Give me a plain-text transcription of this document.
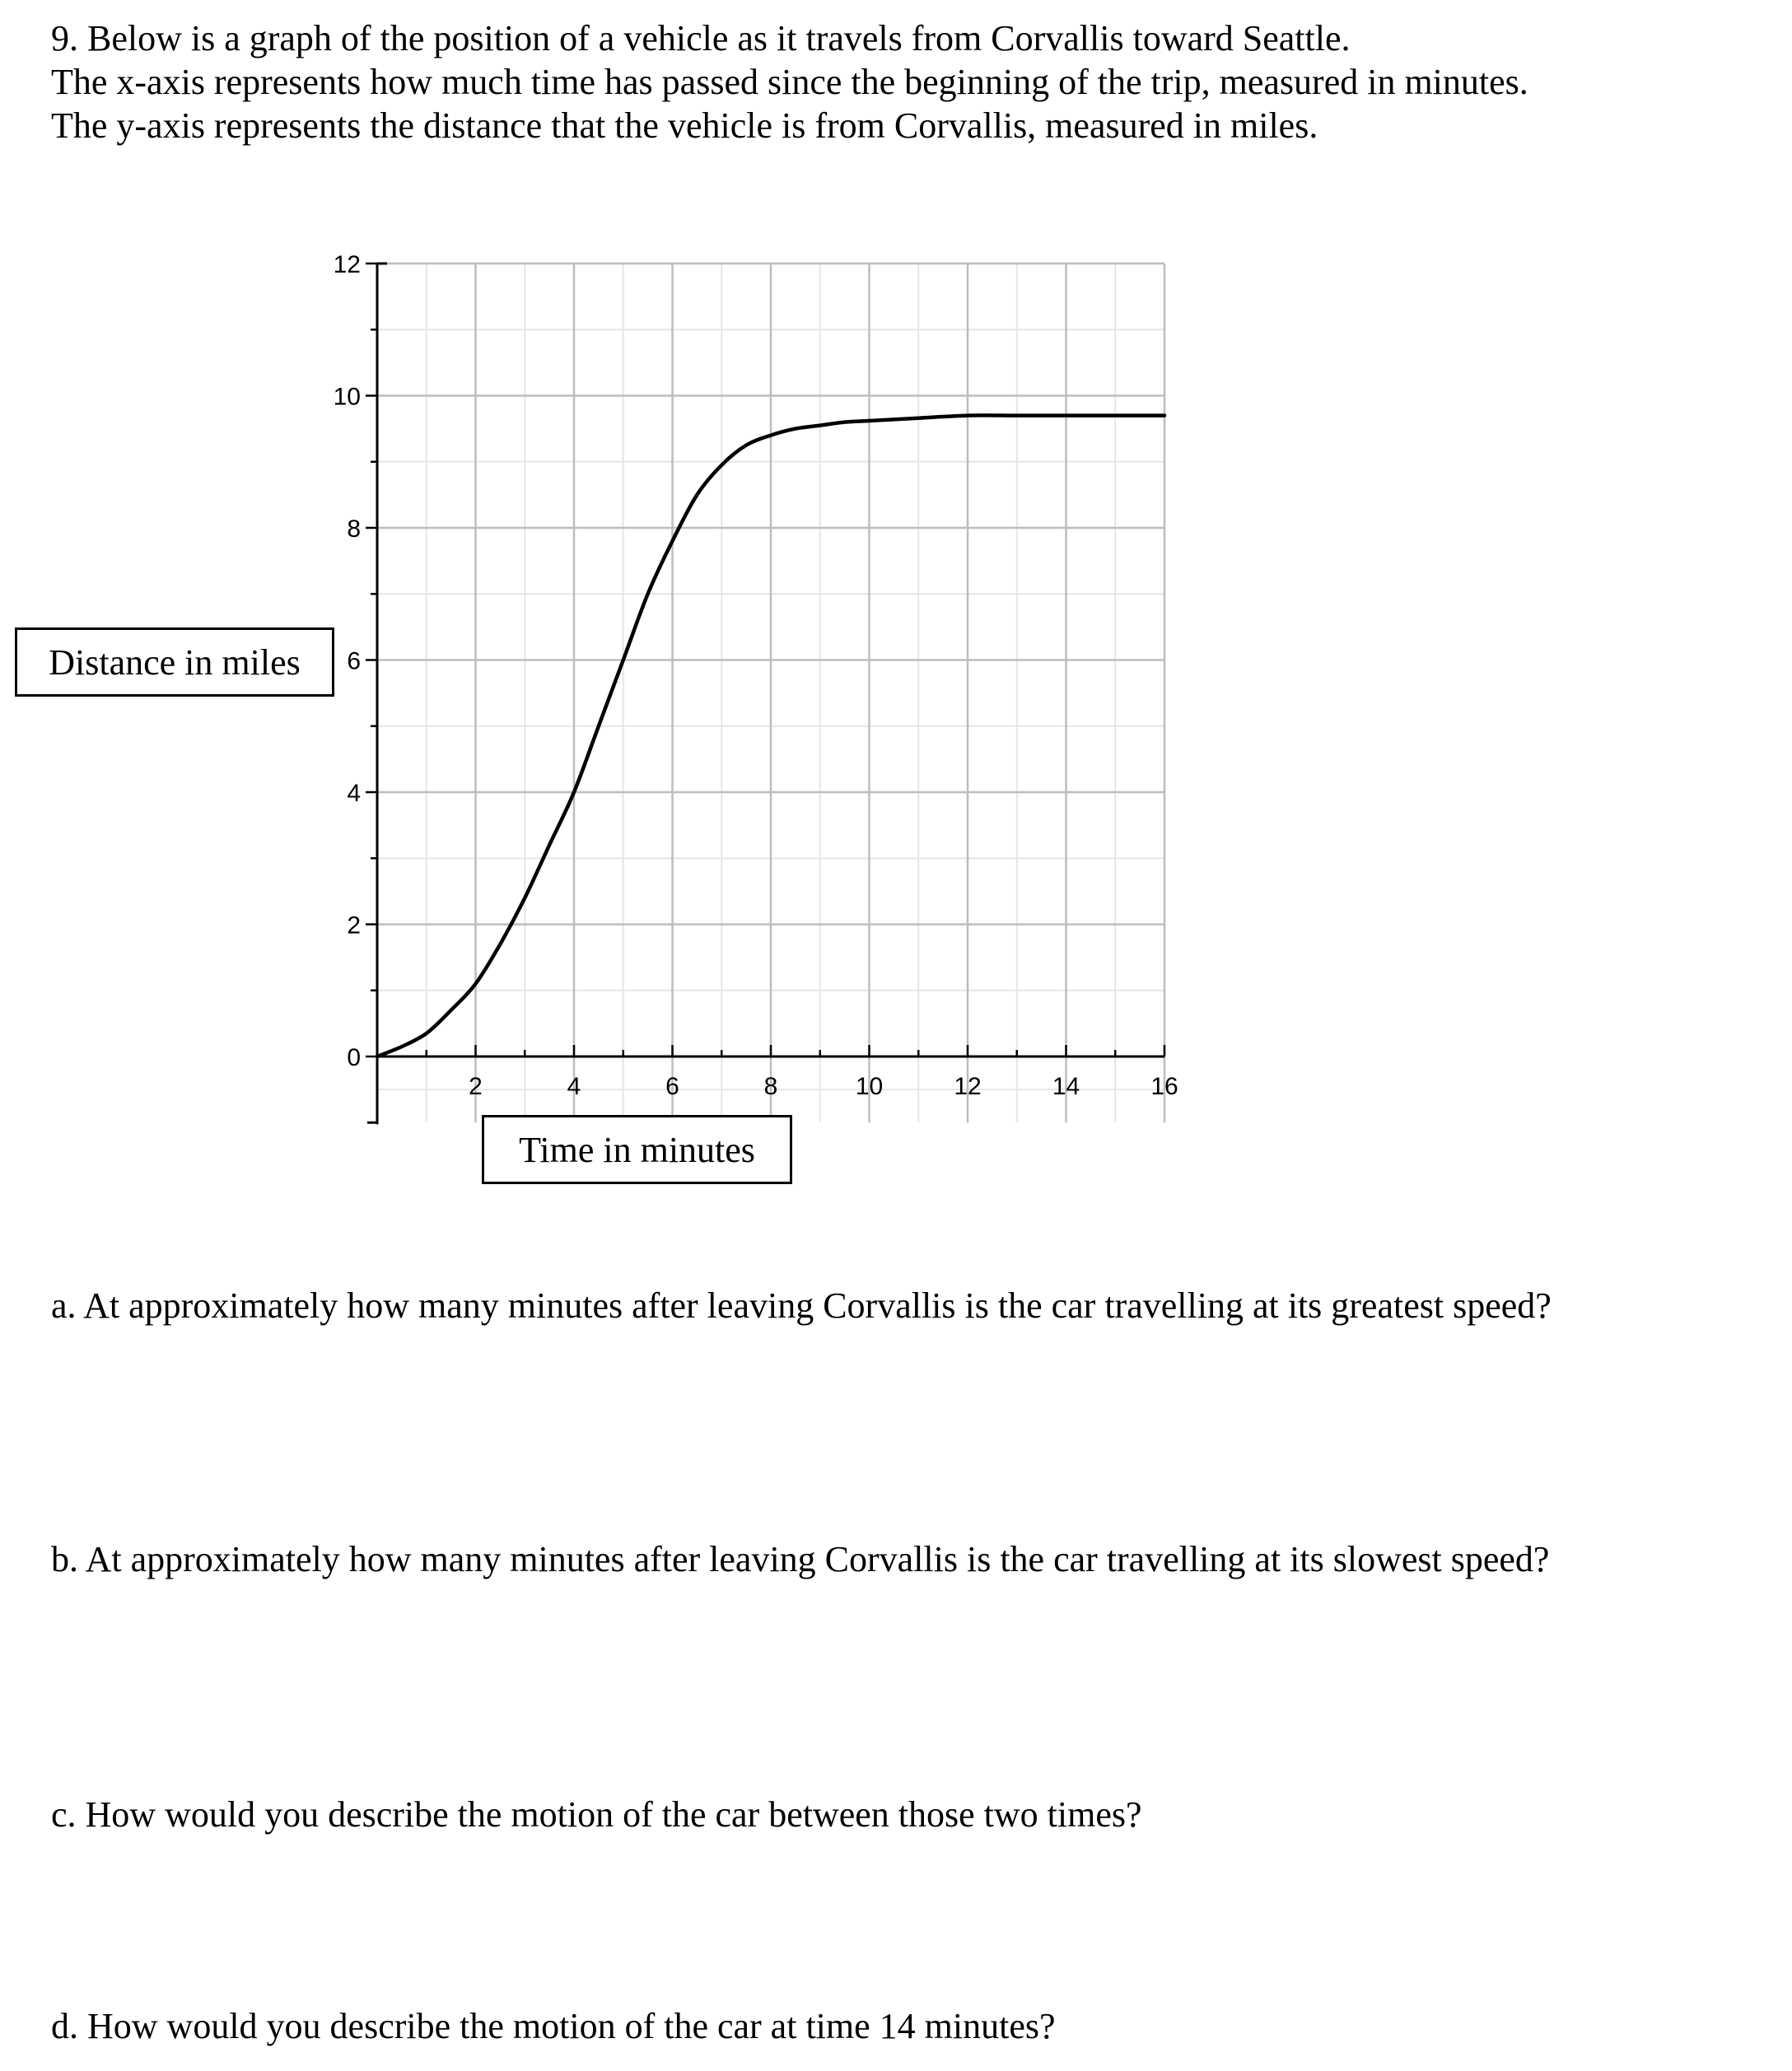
9. Below is a graph of the position of a vehicle as it travels from Corvallis toward Seattle.
The x-axis represents how much time has passed since the beginning of the trip, measured in minutes.
The y-axis represents the distance that the vehicle is from Corvallis, measured in miles.
0
2
4
6
8
10
12
2	4	6	8	10	12	14	16
Distance in miles
Time in minutes
a. At approximately how many minutes after leaving Corvallis is the car travelling at its greatest speed?
b. At approximately how many minutes after leaving Corvallis is the car travelling at its slowest speed?
c. How would you describe the motion of the car between those two times?
d. How would you describe the motion of the car at time 14 minutes?
